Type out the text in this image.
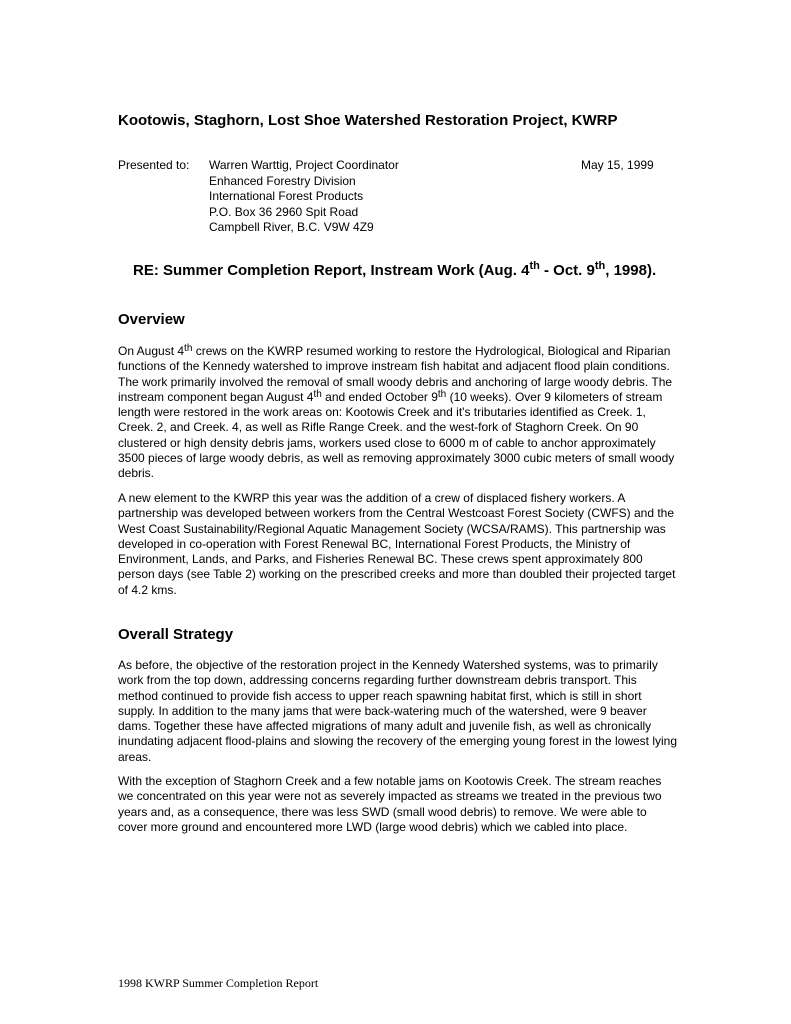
Kootowis, Staghorn, Lost Shoe Watershed Restoration Project, KWRP
Presented to: Warren Warttig, Project Coordinator
Enhanced Forestry Division
International Forest Products
P.O. Box 36 2960 Spit Road
Campbell River, B.C. V9W 4Z9
May 15, 1999
RE: Summer Completion Report, Instream Work (Aug. 4th - Oct. 9th, 1998).
Overview

On August 4th crews on the KWRP resumed working to restore the Hydrological, Biological and Riparian functions of the Kennedy watershed to improve instream fish habitat and adjacent flood plain conditions. The work primarily involved the removal of small woody debris and anchoring of large woody debris. The instream component began August 4th and ended October 9th (10 weeks). Over 9 kilometers of stream length were restored in the work areas on: Kootowis Creek and it's tributaries identified as Creek. 1, Creek. 2, and Creek. 4, as well as Rifle Range Creek. and the west-fork of Staghorn Creek. On 90 clustered or high density debris jams, workers used close to 6000 m of cable to anchor approximately 3500 pieces of large woody debris, as well as removing approximately 3000 cubic meters of small woody debris.

A new element to the KWRP this year was the addition of a crew of displaced fishery workers. A partnership was developed between workers from the Central Westcoast Forest Society (CWFS) and the West Coast Sustainability/Regional Aquatic Management Society (WCSA/RAMS). This partnership was developed in co-operation with Forest Renewal BC, International Forest Products, the Ministry of Environment, Lands, and Parks, and Fisheries Renewal BC. These crews spent approximately 800 person days (see Table 2) working on the prescribed creeks and more than doubled their projected target of 4.2 kms.

Overall Strategy

As before, the objective of the restoration project in the Kennedy Watershed systems, was to primarily work from the top down, addressing concerns regarding further downstream debris transport. This method continued to provide fish access to upper reach spawning habitat first, which is still in short supply. In addition to the many jams that were back-watering much of the watershed, were 9 beaver dams. Together these have affected migrations of many adult and juvenile fish, as well as chronically inundating adjacent flood-plains and slowing the recovery of the emerging young forest in the lowest lying areas.

With the exception of Staghorn Creek and a few notable jams on Kootowis Creek. The stream reaches we concentrated on this year were not as severely impacted as streams we treated in the previous two years and, as a consequence, there was less SWD (small wood debris) to remove. We were able to cover more ground and encountered more LWD (large wood debris) which we cabled into place.

1998 KWRP Summer Completion Report
